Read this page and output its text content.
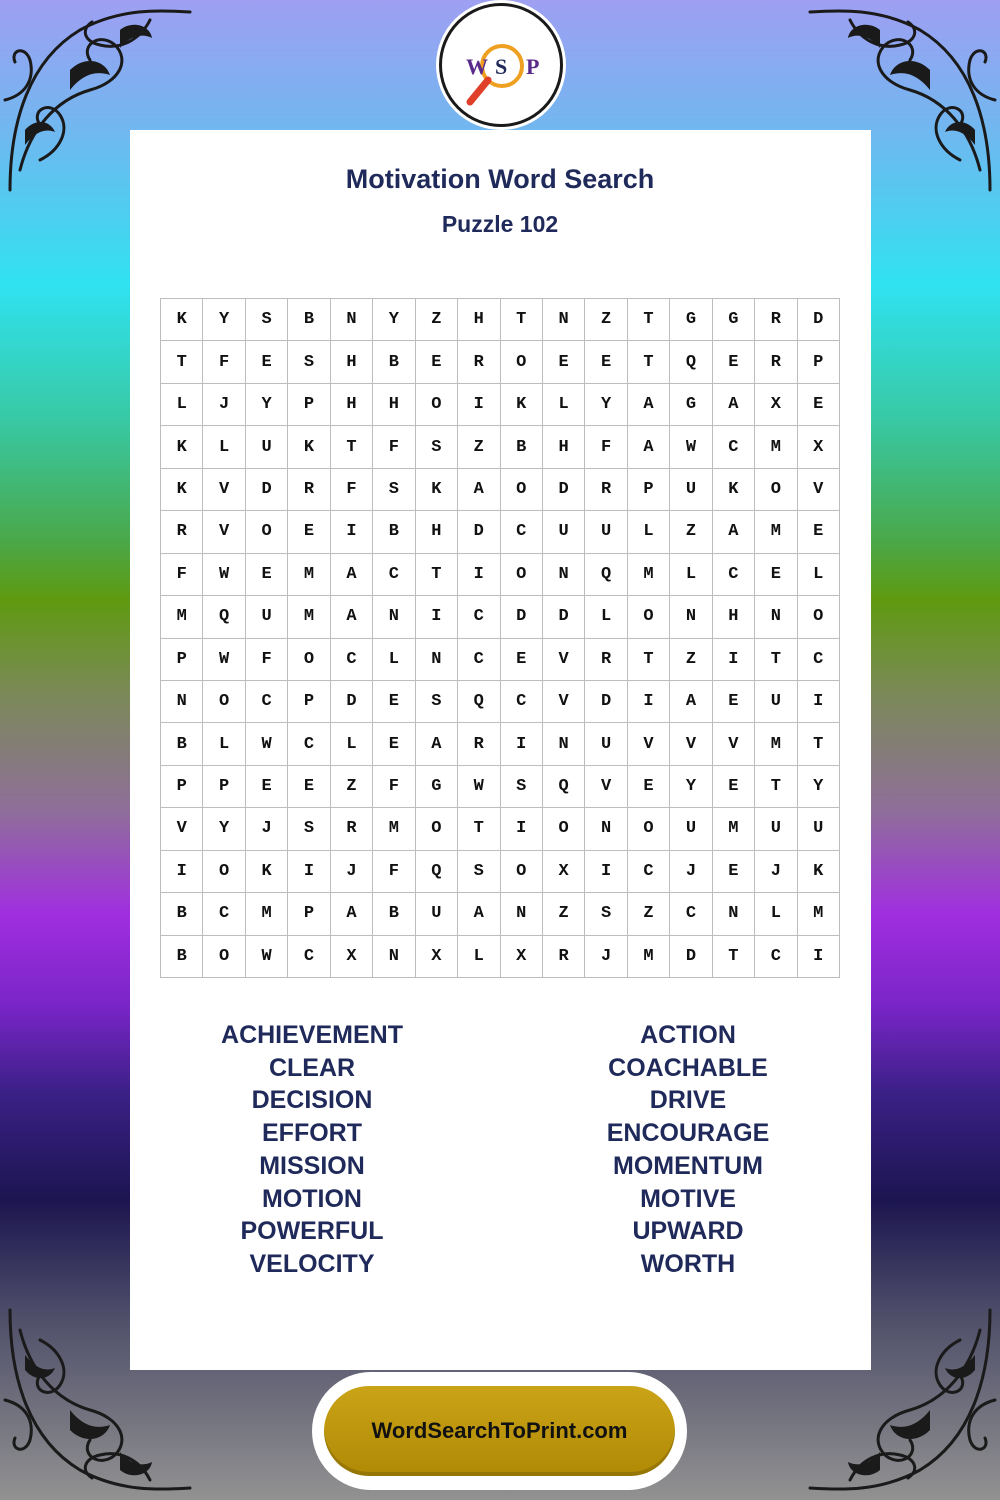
W S P
Motivation Word Search
Puzzle 102
K	Y	S	B	N	Y	Z	H	T	N	Z	T	G	G	R	D
T	F	E	S	H	B	E	R	O	E	E	T	Q	E	R	P
L	J	Y	P	H	H	O	I	K	L	Y	A	G	A	X	E
K	L	U	K	T	F	S	Z	B	H	F	A	W	C	M	X
K	V	D	R	F	S	K	A	O	D	R	P	U	K	O	V
R	V	O	E	I	B	H	D	C	U	U	L	Z	A	M	E
F	W	E	M	A	C	T	I	O	N	Q	M	L	C	E	L
M	Q	U	M	A	N	I	C	D	D	L	O	N	H	N	O
P	W	F	O	C	L	N	C	E	V	R	T	Z	I	T	C
N	O	C	P	D	E	S	Q	C	V	D	I	A	E	U	I
B	L	W	C	L	E	A	R	I	N	U	V	V	V	M	T
P	P	E	E	Z	F	G	W	S	Q	V	E	Y	E	T	Y
V	Y	J	S	R	M	O	T	I	O	N	O	U	M	U	U
I	O	K	I	J	F	Q	S	O	X	I	C	J	E	J	K
B	C	M	P	A	B	U	A	N	Z	S	Z	C	N	L	M
B	O	W	C	X	N	X	L	X	R	J	M	D	T	C	I
ACHIEVEMENT
CLEAR
DECISION
EFFORT
MISSION
MOTION
POWERFUL
VELOCITY
ACTION
COACHABLE
DRIVE
ENCOURAGE
MOMENTUM
MOTIVE
UPWARD
WORTH
WordSearchToPrint.com
